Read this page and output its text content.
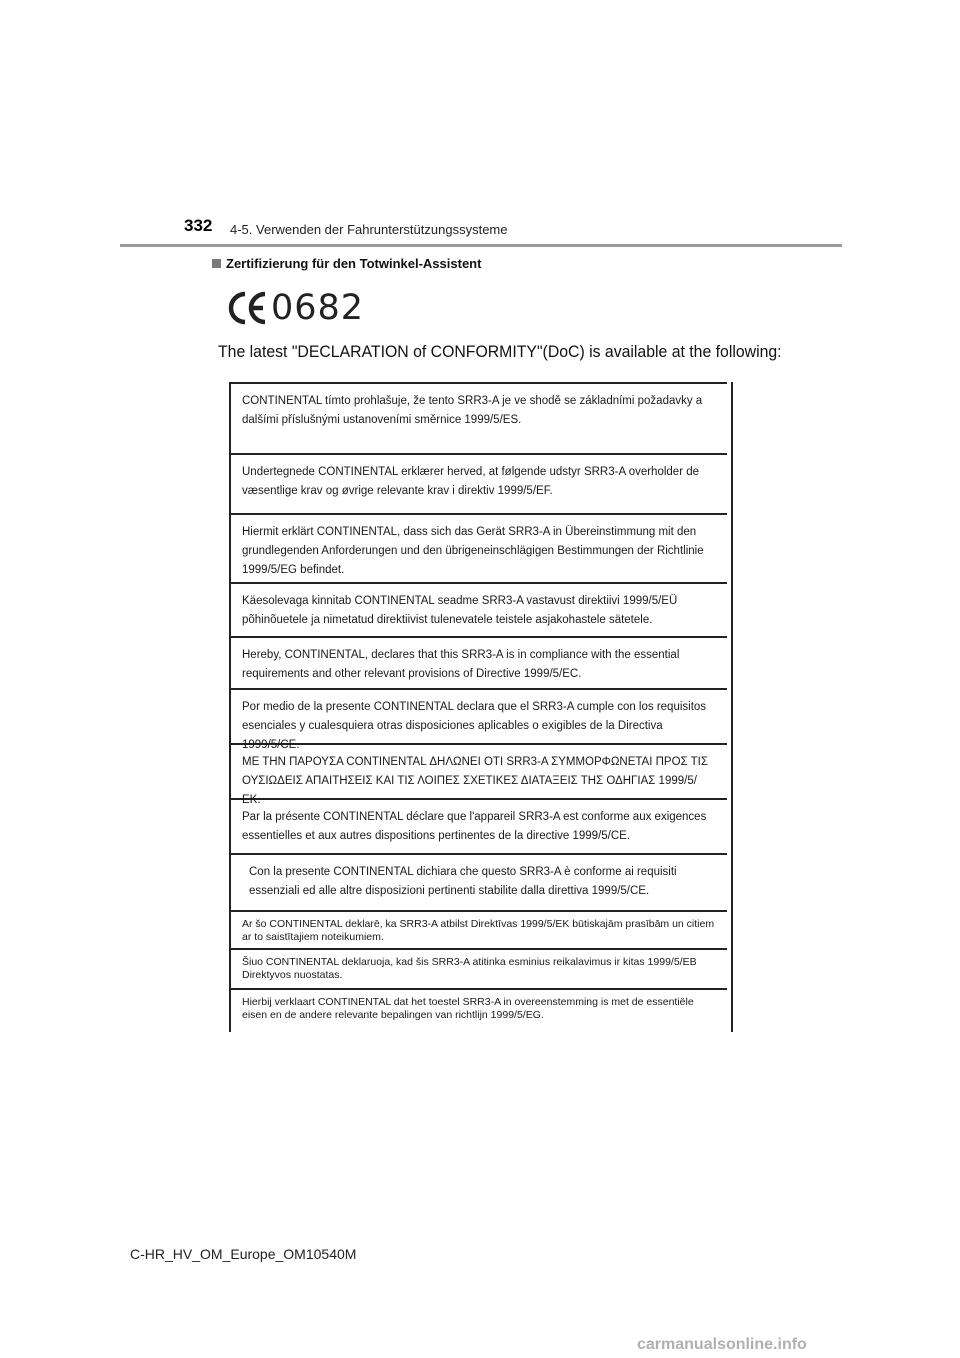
332 4-5. Verwenden der Fahrunterstützungssysteme
Zertifizierung für den Totwinkel-Assistent
0682
The latest "DECLARATION of CONFORMITY"(DoC) is available at the following:
CONTINENTAL tímto prohlašuje, že tento SRR3-A je ve shodě se základními požadavky a dalšími příslušnými ustanoveními směrnice 1999/5/ES.
Undertegnede CONTINENTAL erklærer herved, at følgende udstyr SRR3-A overholder de væsentlige krav og øvrige relevante krav i direktiv 1999/5/EF.
Hiermit erklärt CONTINENTAL, dass sich das Gerät SRR3-A in Übereinstimmung mit den grundlegenden Anforderungen und den übrigeneinschlägigen Bestimmungen der Richtlinie 1999/5/EG befindet.
Käesolevaga kinnitab CONTINENTAL seadme SRR3-A vastavust direktiivi 1999/5/EÜ põhinõuetele ja nimetatud direktiivist tulenevatele teistele asjakohastele sätetele.
Hereby, CONTINENTAL, declares that this SRR3-A is in compliance with the essential requirements and other relevant provisions of Directive 1999/5/EC.
Por medio de la presente CONTINENTAL declara que el SRR3-A cumple con los requisitos esenciales y cualesquiera otras disposiciones aplicables o exigibles de la Directiva 1999/5/CE.
ΜΕ ΤΗΝ ΠΑΡΟΥΣΑ CONTINENTAL ΔΗΛΩΝΕΙ ΟΤΙ SRR3-A ΣΥΜΜΟΡΦΩΝΕΤΑΙ ΠΡΟΣ ΤΙΣ ΟΥΣΙΩΔΕΙΣ ΑΠΑΙΤΗΣΕΙΣ ΚΑΙ ΤΙΣ ΛΟΙΠΕΣ ΣΧΕΤΙΚΕΣ ΔΙΑΤΑΞΕΙΣ ΤΗΣ ΟΔΗΓΙΑΣ 1999/5/ΕΚ.
Par la présente CONTINENTAL déclare que l'appareil SRR3-A est conforme aux exigences essentielles et aux autres dispositions pertinentes de la directive 1999/5/CE.
Con la presente CONTINENTAL dichiara che questo SRR3-A è conforme ai requisiti essenziali ed alle altre disposizioni pertinenti stabilite dalla direttiva 1999/5/CE.
Ar šo CONTINENTAL deklarē, ka SRR3-A atbilst Direktīvas 1999/5/EK būtiskajām prasībām un citiem ar to saistītajiem noteikumiem.
Šiuo CONTINENTAL deklaruoja, kad šis SRR3-A atitinka esminius reikalavimus ir kitas 1999/5/EB Direktyvos nuostatas.
Hierbij verklaart CONTINENTAL dat het toestel SRR3-A in overeenstemming is met de essentiële eisen en de andere relevante bepalingen van richtlijn 1999/5/EG.
C-HR_HV_OM_Europe_OM10540M
carmanualsonline.info
